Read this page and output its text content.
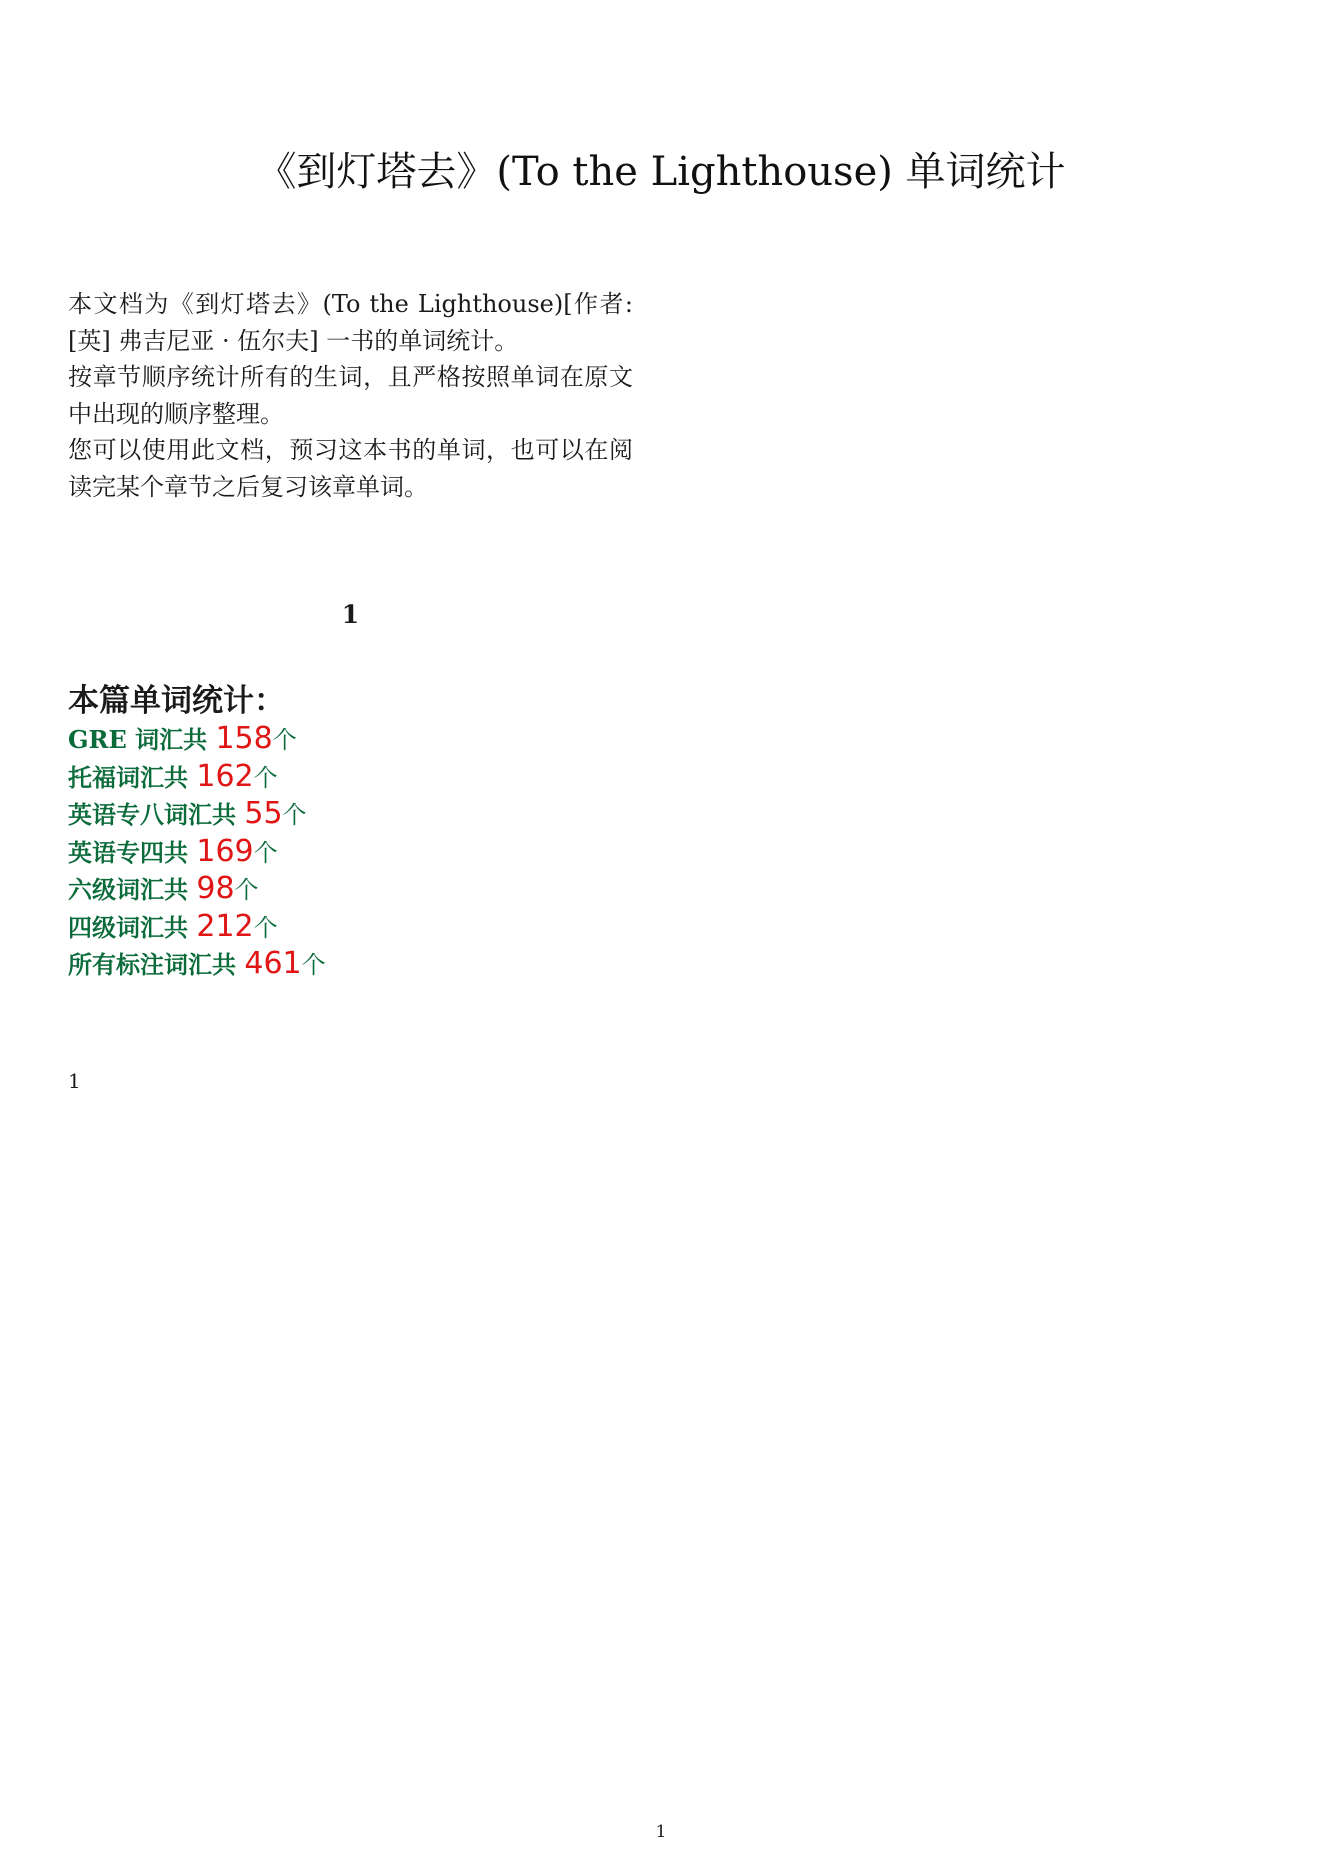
《到灯塔去》(To the Lighthouse) 单词统计
本文档为《到灯塔去》(To the Lighthouse)[作者: [英] 弗吉尼亚 · 伍尔夫] 一书的单词统计。
按章节顺序统计所有的生词，且严格按照单词在原文中出现的顺序整理。
您可以使用此文档，预习这本书的单词，也可以在阅读完某个章节之后复习该章单词。
1
本篇单词统计：
GRE 词汇共 158个
托福词汇共 162个
英语专八词汇共 55个
英语专四共 169个
六级词汇共 98个
四级词汇共 212个
所有标注词汇共 461个
1
1
